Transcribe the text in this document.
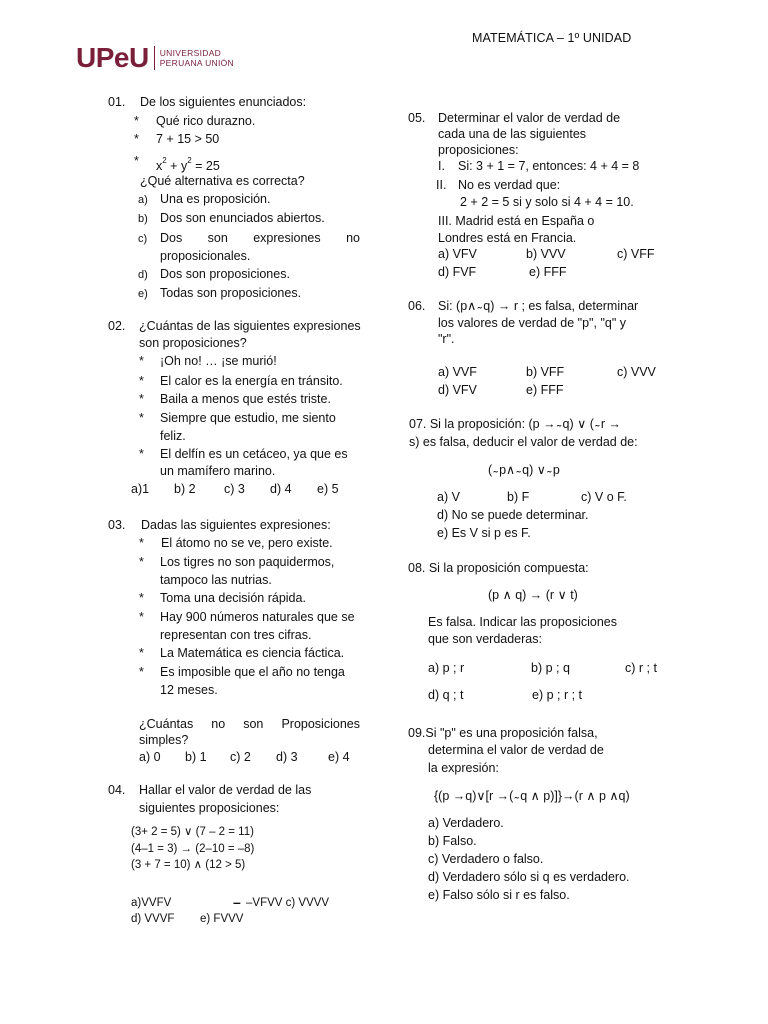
UPeU UNIVERSIDAD
PERUANA UNIÓN
MATEMÁTICA – 1º UNIDAD
01. De los siguientes enunciados:
* Qué rico durazno.
* 7 + 15 > 50
* $x^2 + y^2 = 25$
¿Qué alternativa es correcta?
a) Una es proposición.
b) Dos son enunciados abiertos.
c) Dos son expresiones no
proposicionales.
d) Dos son proposiciones.
e) Todas son proposiciones.
02. ¿Cuántas de las siguientes expresiones
son proposiciones?
* ¡Oh no! … ¡se murió!
* El calor es la energía en tránsito.
* Baila a menos que estés triste.
* Siempre que estudio, me siento
feliz.
* El delfín es un cetáceo, ya que es
un mamífero marino.
a)1 b) 2 c) 3 d) 4 e) 5
03. Dadas las siguientes expresiones:
* El átomo no se ve, pero existe.
* Los tigres no son paquidermos,
tampoco las nutrias.
* Toma una decisión rápida.
* Hay 900 números naturales que se
representan con tres cifras.
* La Matemática es ciencia fáctica.
* Es imposible que el año no tenga
12 meses.
¿Cuántas no son Proposiciones
simples?
a) 0 b) 1 c) 2 d) 3 e) 4
04. Hallar el valor de verdad de las
siguientes proposiciones:
(3+ 2 = 5) ∨ (7 – 2 = 11)
(4–1 = 3) → (2–10 = –8)
(3 + 7 = 10) ∧ (12 > 5)
a)VVFV	– –VFVV c) VVVV
d) VVVF e) FVVV
05. Determinar el valor de verdad de
cada una de las siguientes
proposiciones:
I. Si: 3 + 1 = 7, entonces: 4 + 4 = 8
II. No es verdad que:
2 + 2 = 5 si y solo si 4 + 4 = 10.
III. Madrid está en España o
Londres está en Francia.
a) VFV	b) VVV	c) VFF
d) FVF	e) FFF
06. Si: (p∧ ̴ q) → r ; es falsa, determinar
los valores de verdad de "p", "q" y
"r".
a) VVF	b) VFF	c) VVV
d) VFV	e) FFF
07. Si la proposición: (p → ̴ q) ∨ ( ̴ r →
s) es falsa, deducir el valor de verdad de:
( ̴ p∧ ̴ q) ∨ ̴ p
a) V	b) F	c) V o F.
d) No se puede determinar.
e) Es V si p es F.
08. Si la proposición compuesta:
(p ∧ q) → (r ∨ t)
Es falsa. Indicar las proposiciones
que son verdaderas:
a) p ; r	b) p ; q	c) r ; t
d) q ; t	e) p ; r ; t
09.Si "p" es una proposición falsa,
determina el valor de verdad de
la expresión:
{(p →q)∨[r →( ̴ q ∧ p)]}→(r ∧ p ∧q)
a) Verdadero.
b) Falso.
c) Verdadero o falso.
d) Verdadero sólo si q es verdadero.
e) Falso sólo si r es falso.
